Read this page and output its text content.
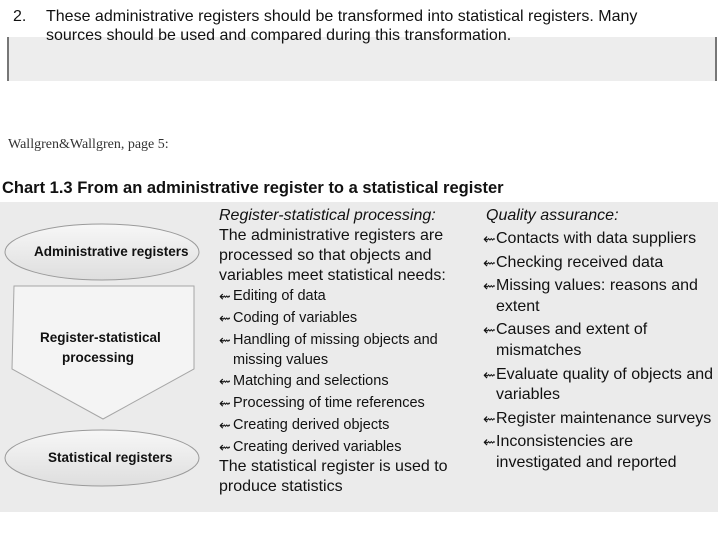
2. These administrative registers should be transformed into statistical registers. Many
sources should be used and compared during this transformation.
Wallgren&Wallgren, page 5:
Chart 1.3 From an administrative register to a statistical register
Administrative registers
Register-statistical
processing
Statistical registers
Register-statistical processing:
The administrative registers are processed so that objects and variables meet statistical needs:
⇜ Editing of data
⇜ Coding of variables
⇜ Handling of missing objects and missing values
⇜ Matching and selections
⇜ Processing of time references
⇜ Creating derived objects
⇜ Creating derived variables
The statistical register is used to produce statistics
Quality assurance:
⇜ Contacts with data suppliers
⇜ Checking received data
⇜ Missing values: reasons and extent
⇜ Causes and extent of mismatches
⇜ Evaluate quality of objects and variables
⇜ Register maintenance surveys
⇜ Inconsistencies are investigated and reported
